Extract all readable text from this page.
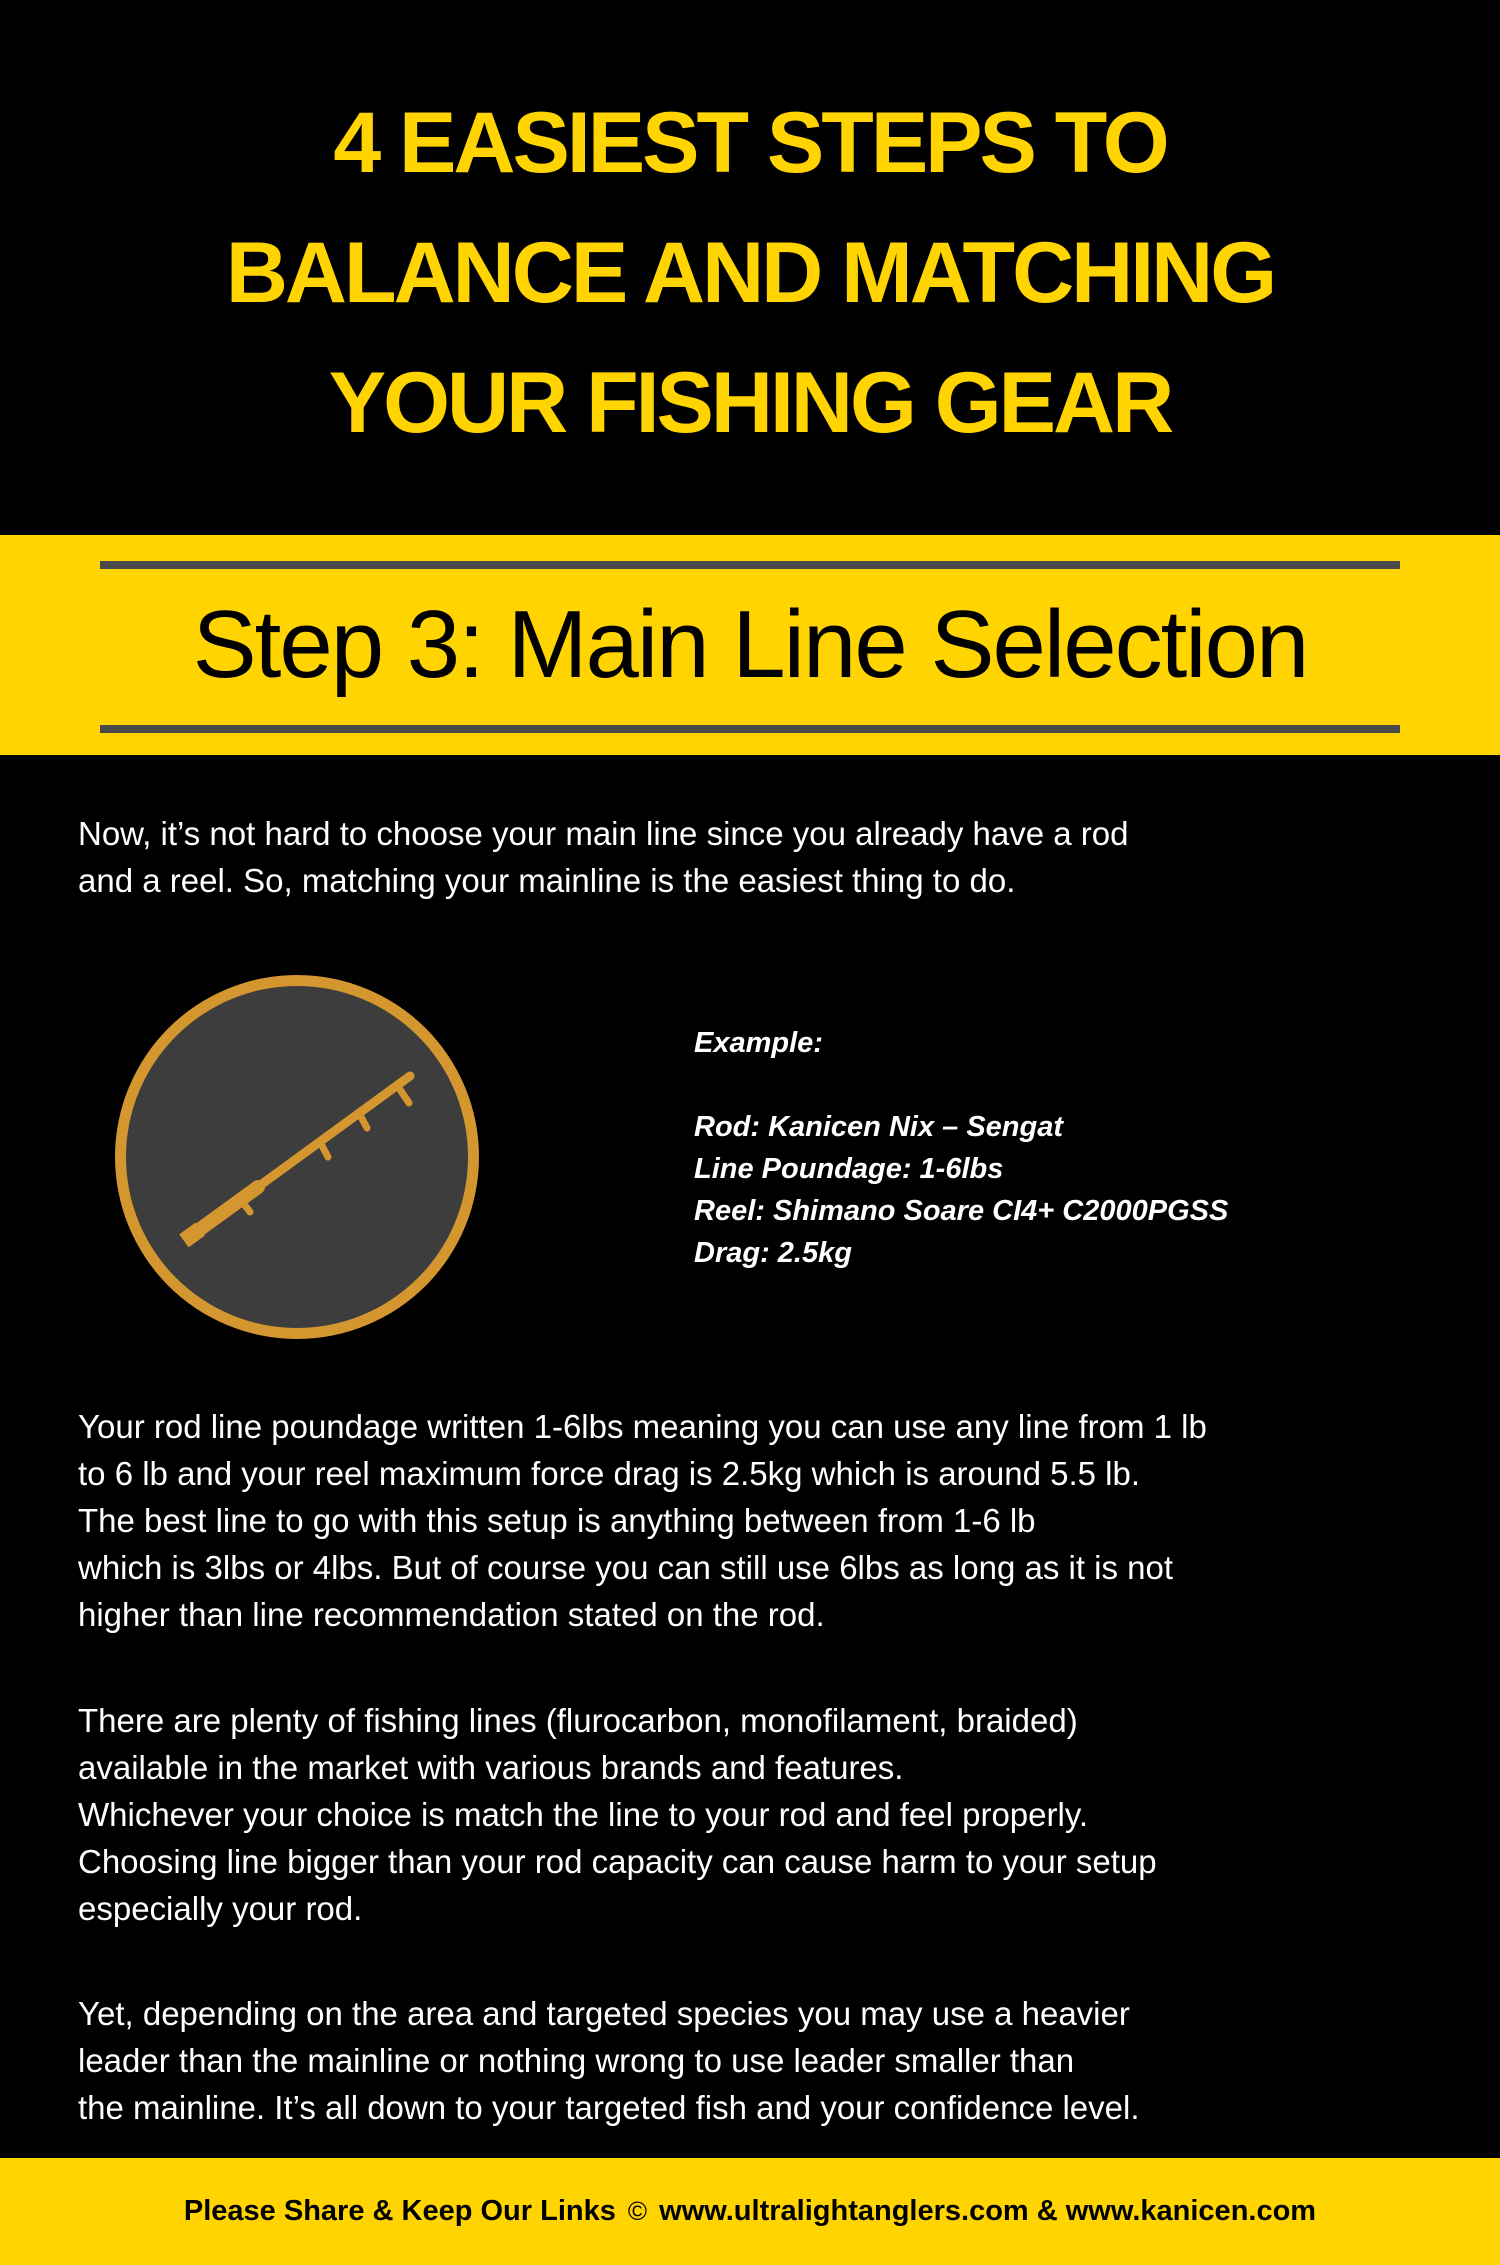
4 EASIEST STEPS TO
BALANCE AND MATCHING
YOUR FISHING GEAR
Step 3: Main Line Selection

Now, it’s not hard to choose your main line since you already have a rod
and a reel. So, matching your mainline is the easiest thing to do.

Example:
Rod: Kanicen Nix – Sengat
Line Poundage: 1-6lbs
Reel: Shimano Soare CI4+ C2000PGSS
Drag: 2.5kg

Your rod line poundage written 1-6lbs meaning you can use any line from 1 lb
to 6 lb and your reel maximum force drag is 2.5kg which is around 5.5 lb.
The best line to go with this setup is anything between from 1-6 lb
which is 3lbs or 4lbs. But of course you can still use 6lbs as long as it is not
higher than line recommendation stated on the rod.

There are plenty of fishing lines (flurocarbon, monofilament, braided)
available in the market with various brands and features.
Whichever your choice is match the line to your rod and feel properly.
Choosing line bigger than your rod capacity can cause harm to your setup
especially your rod.

Yet, depending on the area and targeted species you may use a heavier
leader than the mainline or nothing wrong to use leader smaller than
the mainline. It’s all down to your targeted fish and your confidence level.

Please Share & Keep Our Links © www.ultralightanglers.com & www.kanicen.com
